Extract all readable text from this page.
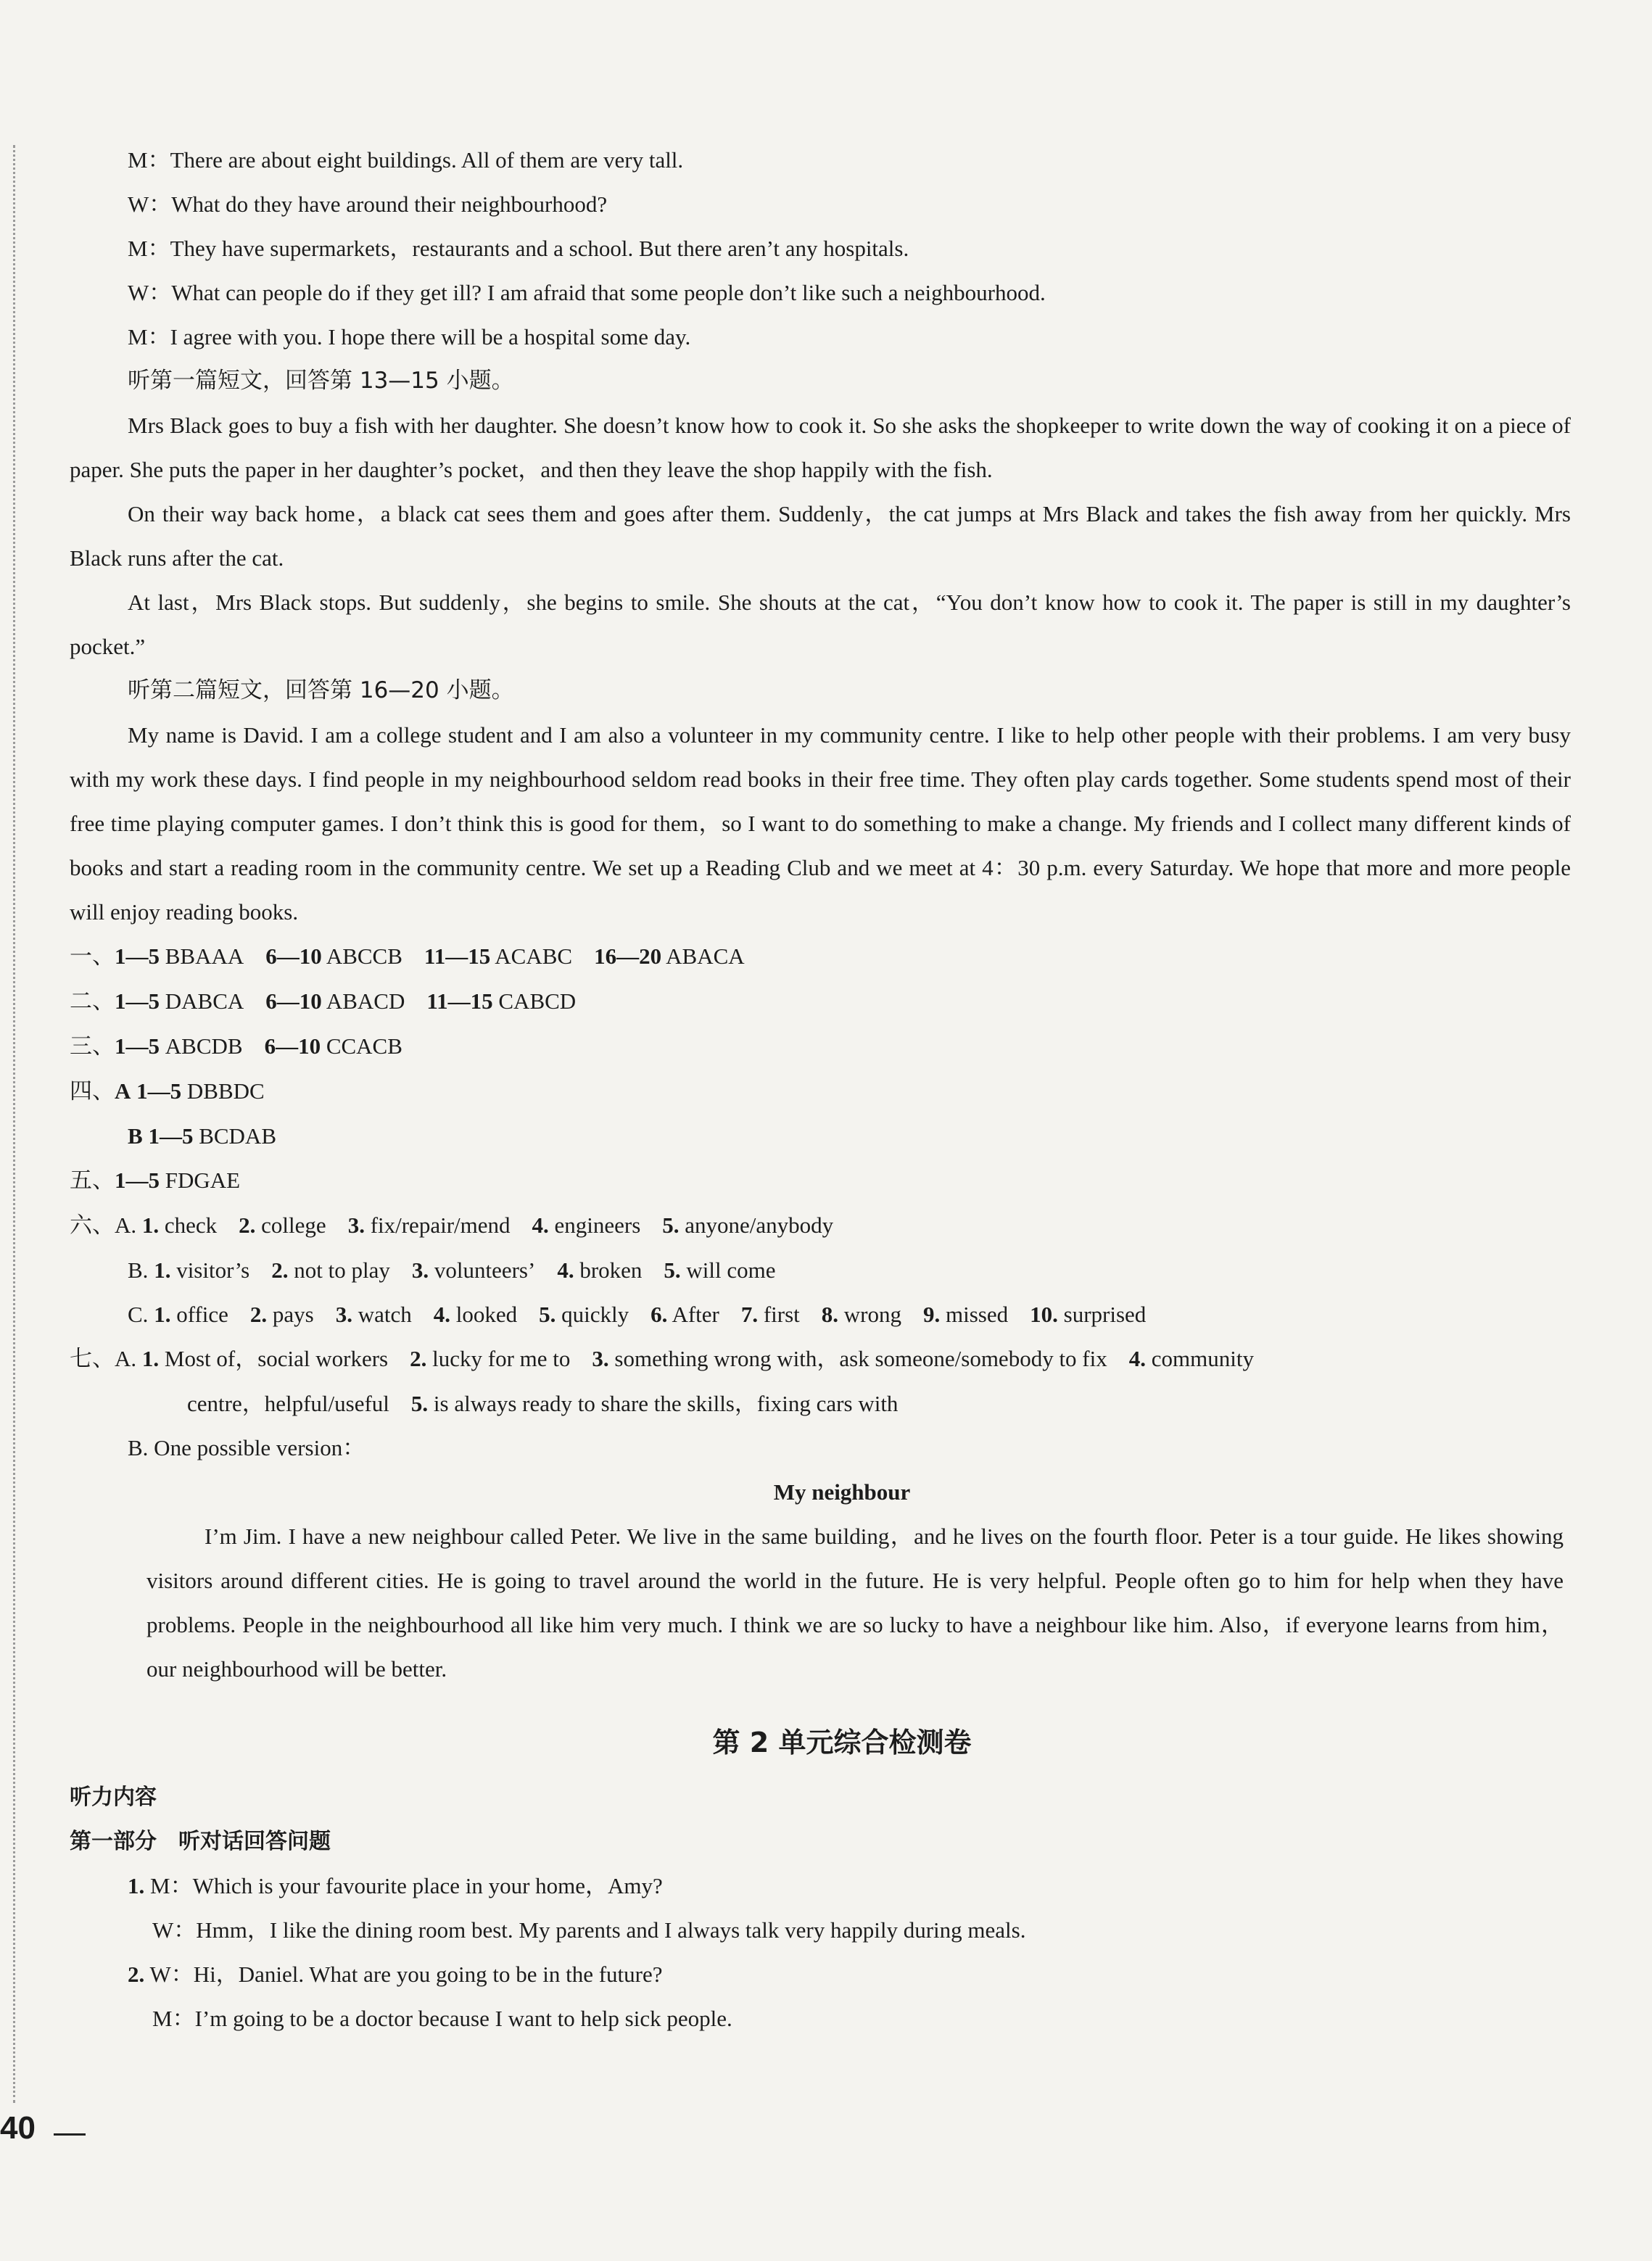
M：There are about eight buildings. All of them are very tall.
W：What do they have around their neighbourhood?
M：They have supermarkets，restaurants and a school. But there aren’t any hospitals.
W：What can people do if they get ill? I am afraid that some people don’t like such a neighbourhood.
M：I agree with you. I hope there will be a hospital some day.
听第一篇短文，回答第 13—15 小题。
Mrs Black goes to buy a fish with her daughter. She doesn’t know how to cook it. So she asks the shopkeeper to write down the way of cooking it on a piece of paper. She puts the paper in her daughter’s pocket，and then they leave the shop happily with the fish.
On their way back home，a black cat sees them and goes after them. Suddenly，the cat jumps at Mrs Black and takes the fish away from her quickly. Mrs Black runs after the cat.
At last，Mrs Black stops. But suddenly，she begins to smile. She shouts at the cat，“You don’t know how to cook it. The paper is still in my daughter’s pocket.”
听第二篇短文，回答第 16—20 小题。
My name is David. I am a college student and I am also a volunteer in my community centre. I like to help other people with their problems. I am very busy with my work these days. I find people in my neighbourhood seldom read books in their free time. They often play cards together. Some students spend most of their free time playing computer games. I don’t think this is good for them，so I want to do something to make a change. My friends and I collect many different kinds of books and start a reading room in the community centre. We set up a Reading Club and we meet at 4：30 p.m. every Saturday. We hope that more and more people will enjoy reading books.
一、1—5 BBAAA 6—10 ABCCB 11—15 ACABC 16—20 ABACA
二、1—5 DABCA 6—10 ABACD 11—15 CABCD
三、1—5 ABCDB 6—10 CCACB
四、A 1—5 DBBDC
B 1—5 BCDAB
五、1—5 FDGAE
六、A. 1. check 2. college 3. fix/repair/mend 4. engineers 5. anyone/anybody
B. 1. visitor’s 2. not to play 3. volunteers’ 4. broken 5. will come
C. 1. office 2. pays 3. watch 4. looked 5. quickly 6. After 7. first 8. wrong 9. missed 10. surprised
七、A. 1. Most of，social workers 2. lucky for me to 3. something wrong with，ask someone/somebody to fix 4. community
centre，helpful/useful 5. is always ready to share the skills，fixing cars with
B. One possible version：
My neighbour
I’m Jim. I have a new neighbour called Peter. We live in the same building，and he lives on the fourth floor. Peter is a tour guide. He likes showing visitors around different cities. He is going to travel around the world in the future. He is very helpful. People often go to him for help when they have problems. People in the neighbourhood all like him very much. I think we are so lucky to have a neighbour like him. Also，if everyone learns from him，our neighbourhood will be better.
第 2 单元综合检测卷
听力内容
第一部分　听对话回答问题
1. M：Which is your favourite place in your home，Amy?
W：Hmm，I like the dining room best. My parents and I always talk very happily during meals.
2. W：Hi，Daniel. What are you going to be in the future?
M：I’m going to be a doctor because I want to help sick people.
40
